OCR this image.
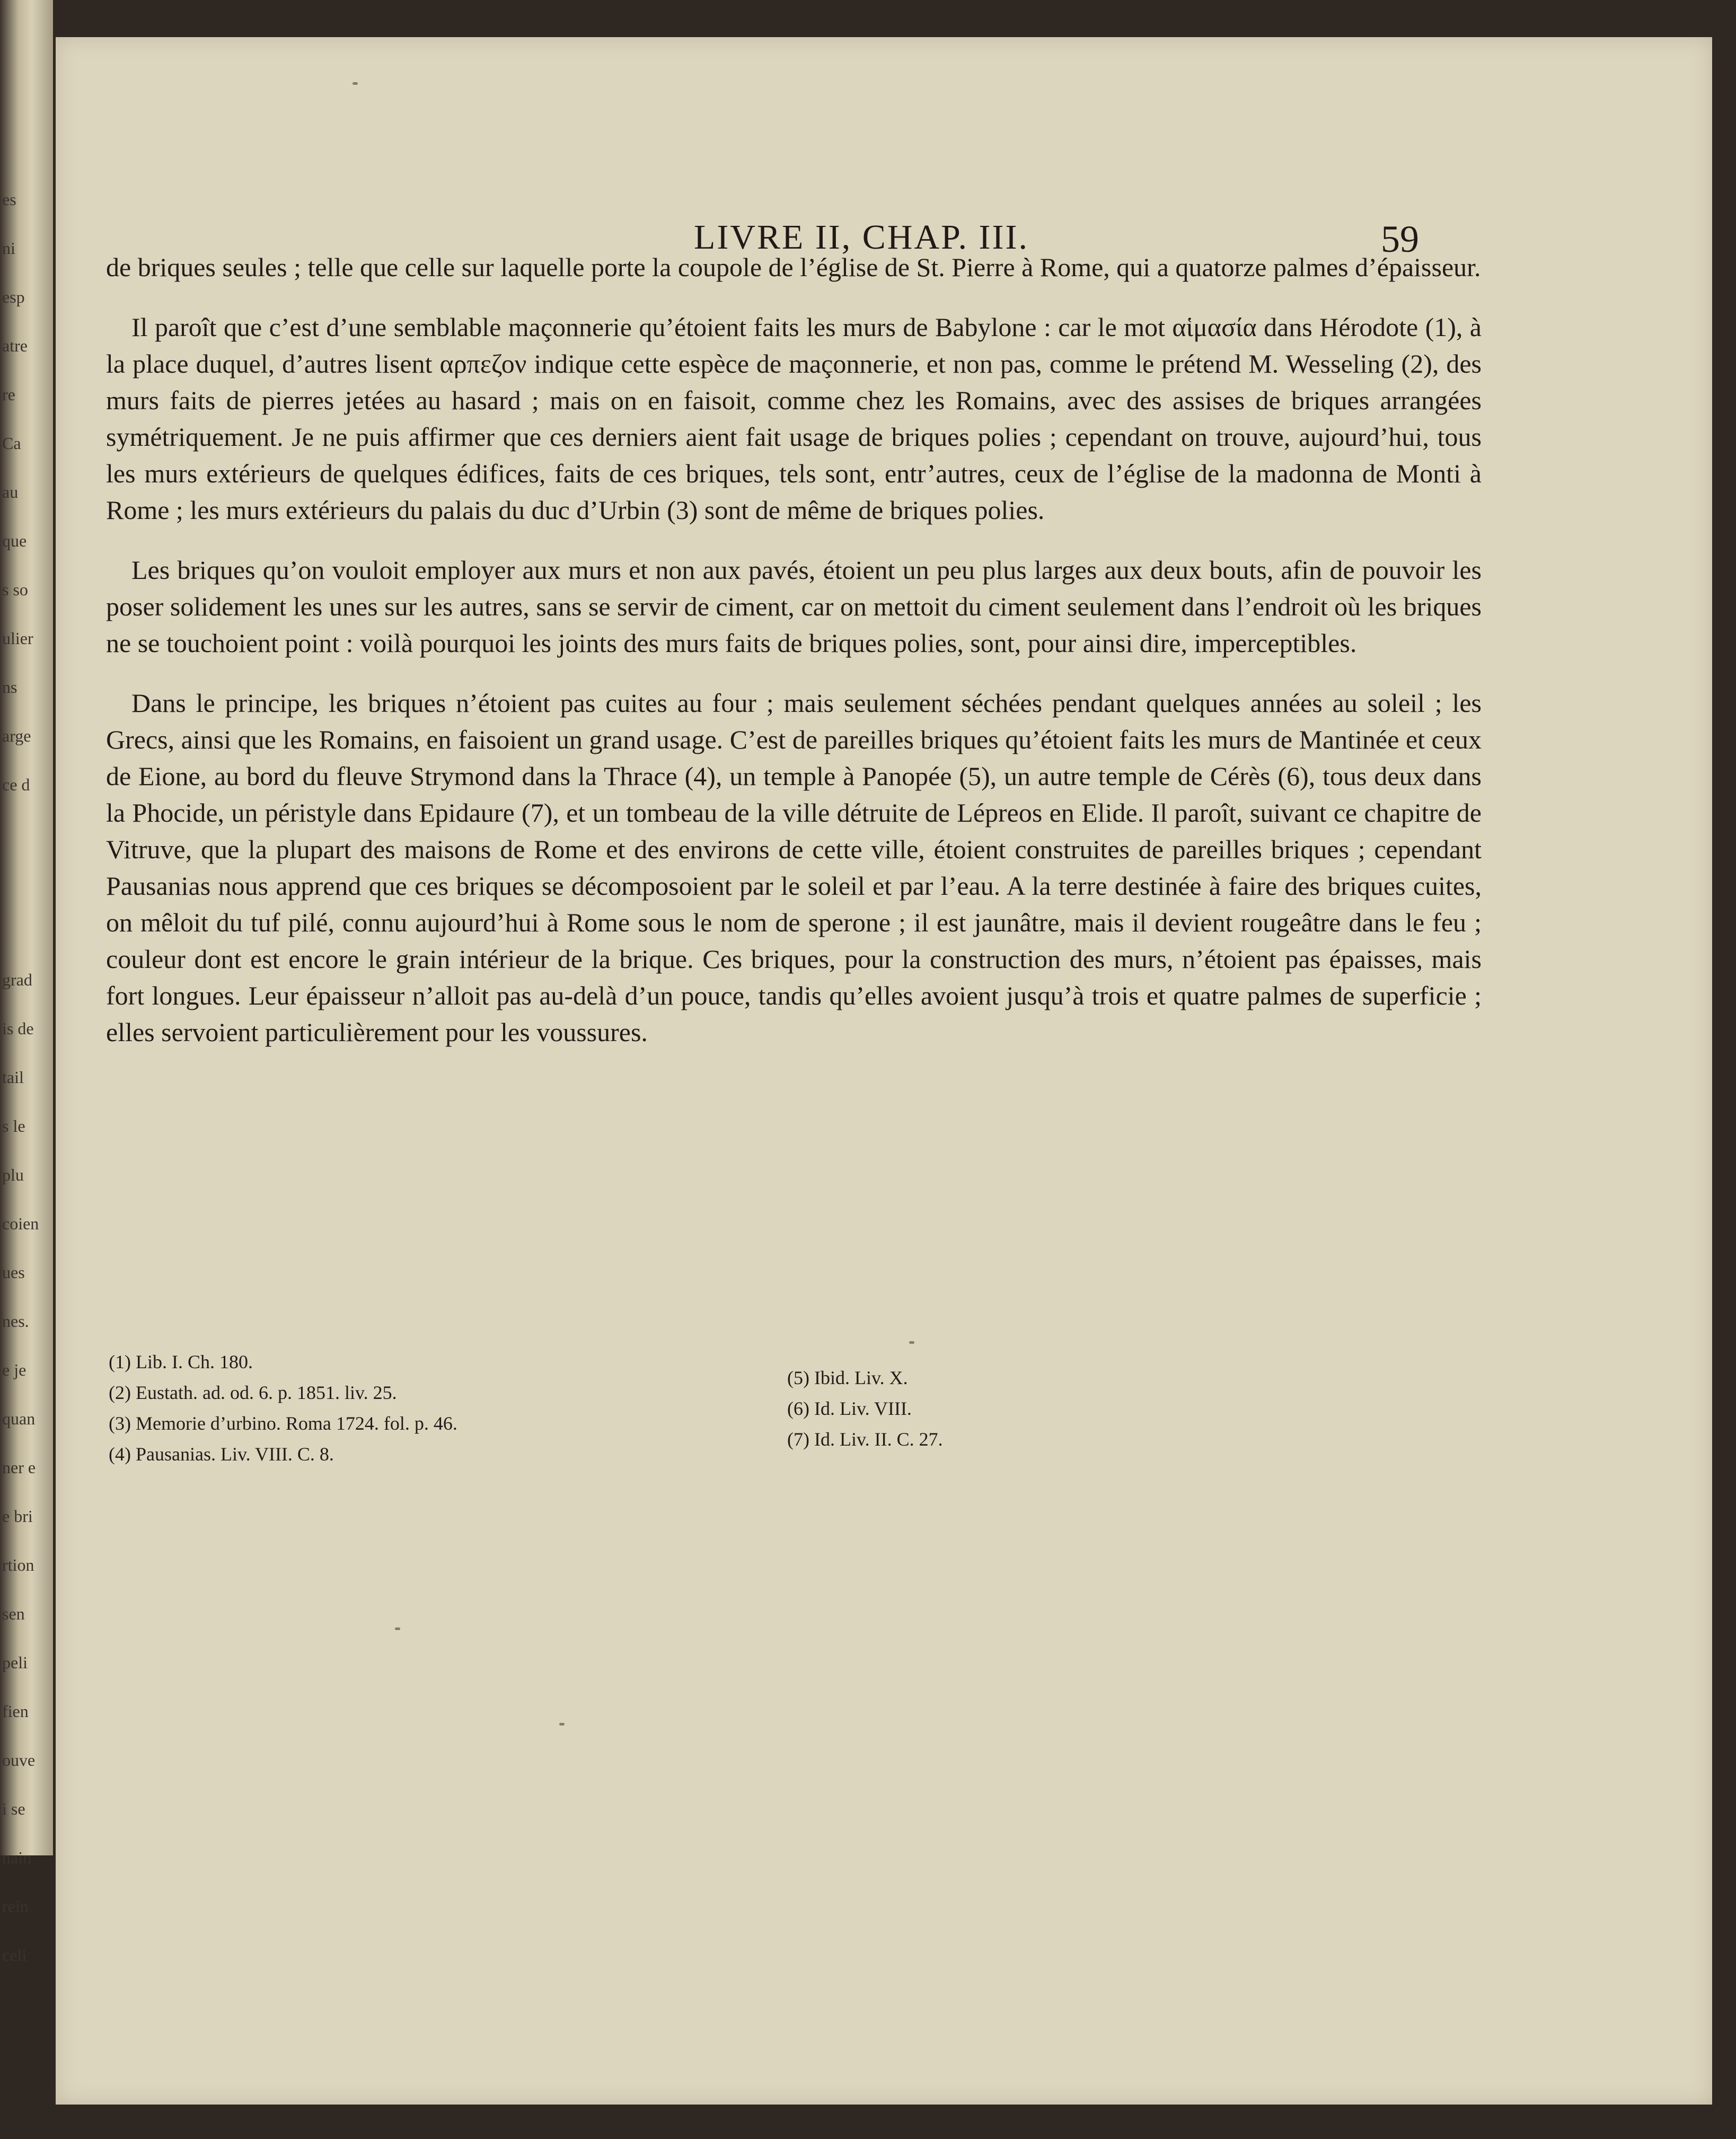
es
ni
esp
atre
re
Ca
au
que
s so
ulier
ns
arge
ce d

grad
is de
tail
s le
plu
coien
ues
nes.
e je
quan
ner e
e bri
rtion
sen
peli
fien
ouve
i se
nain
rein
celi
LIVRE II, CHAP. III.	59

de briques seules ; telle que celle sur laquelle porte la coupole de l’église de St. Pierre à Rome, qui a quatorze palmes d’épaisseur.

Il paroît que c’est d’une semblable maçonnerie qu’étoient faits les murs de Babylone : car le mot αἱμασία dans Hérodote (1), à la place duquel, d’autres lisent αρπεζον indique cette espèce de maçonnerie, et non pas, comme le prétend M. Wesseling (2), des murs faits de pierres jetées au hasard ; mais on en faisoit, comme chez les Romains, avec des assises de briques arrangées symétriquement. Je ne puis affirmer que ces derniers aient fait usage de briques polies ; cependant on trouve, aujourd’hui, tous les murs extérieurs de quelques édifices, faits de ces briques, tels sont, entr’autres, ceux de l’église de la madonna de Monti à Rome ; les murs extérieurs du palais du duc d’Urbin (3) sont de même de briques polies.

Les briques qu’on vouloit employer aux murs et non aux pavés, étoient un peu plus larges aux deux bouts, afin de pouvoir les poser solidement les unes sur les autres, sans se servir de ciment, car on mettoit du ciment seulement dans l’endroit où les briques ne se touchoient point : voilà pourquoi les joints des murs faits de briques polies, sont, pour ainsi dire, imperceptibles.

Dans le principe, les briques n’étoient pas cuites au four ; mais seulement séchées pendant quelques années au soleil ; les Grecs, ainsi que les Romains, en faisoient un grand usage. C’est de pareilles briques qu’étoient faits les murs de Mantinée et ceux de Eione, au bord du fleuve Strymond dans la Thrace (4), un temple à Panopée (5), un autre temple de Cérès (6), tous deux dans la Phocide, un péristyle dans Epidaure (7), et un tombeau de la ville détruite de Lépreos en Elide. Il paroît, suivant ce chapitre de Vitruve, que la plupart des maisons de Rome et des environs de cette ville, étoient construites de pareilles briques ; cependant Pausanias nous apprend que ces briques se décomposoient par le soleil et par l’eau. A la terre destinée à faire des briques cuites, on mêloit du tuf pilé, connu aujourd’hui à Rome sous le nom de sperone ; il est jaunâtre, mais il devient rougeâtre dans le feu ; couleur dont est encore le grain intérieur de la brique. Ces briques, pour la construction des murs, n’étoient pas épaisses, mais fort longues. Leur épaisseur n’alloit pas au-delà d’un pouce, tandis qu’elles avoient jusqu’à trois et quatre palmes de superficie ; elles servoient particulièrement pour les voussures.

(1) Lib. I. Ch. 180.
(2) Eustath. ad. od. 6. p. 1851. liv. 25.
(3) Memorie d’urbino. Roma 1724. fol. p. 46.
(4) Pausanias. Liv. VIII. C. 8.
(5) Ibid. Liv. X.
(6) Id. Liv. VIII.
(7) Id. Liv. II. C. 27.
